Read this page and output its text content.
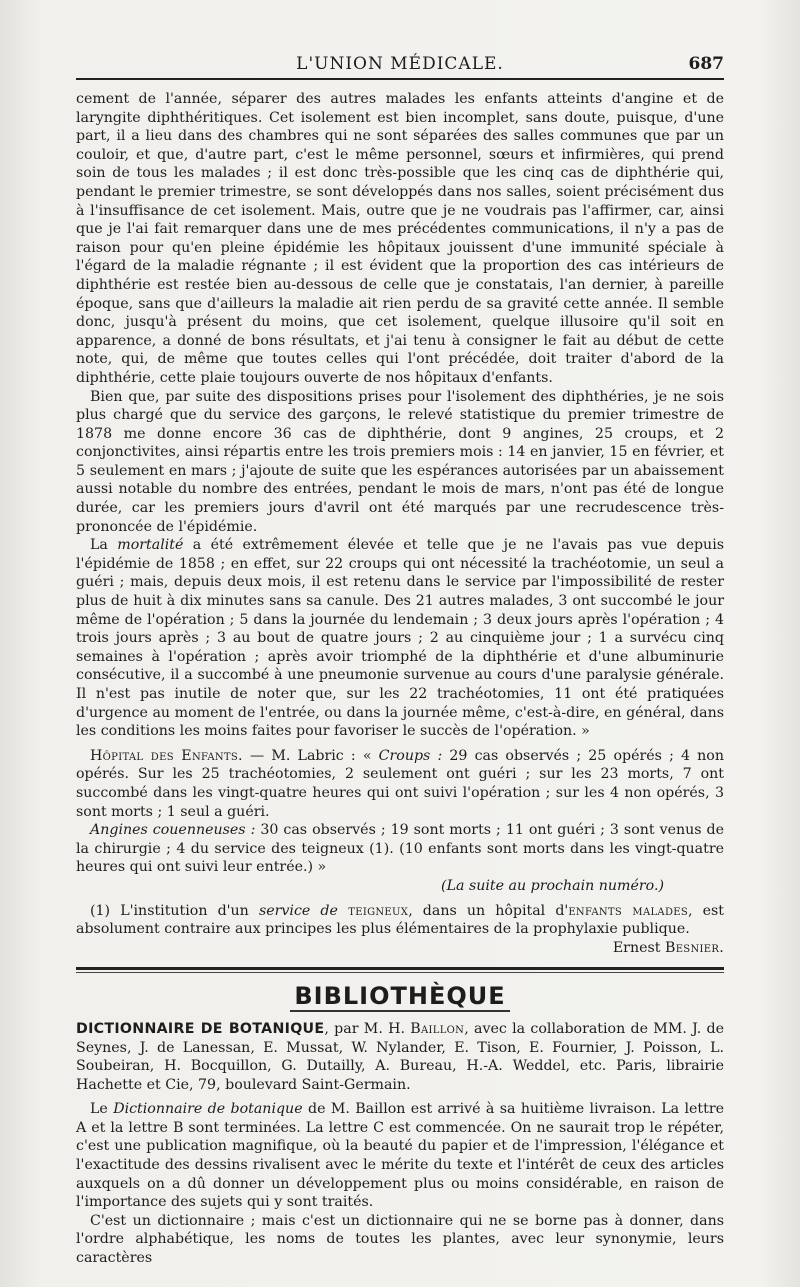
L'UNION MÉDICALE.	687

cement de l'année, séparer des autres malades les enfants atteints d'angine et de laryngite diphthéritiques. Cet isolement est bien incomplet, sans doute, puisque, d'une part, il a lieu dans des chambres qui ne sont séparées des salles communes que par un couloir, et que, d'autre part, c'est le même personnel, sœurs et infirmières, qui prend soin de tous les malades ; il est donc très-possible que les cinq cas de diphthérie qui, pendant le premier trimestre, se sont développés dans nos salles, soient précisément dus à l'insuffisance de cet isolement. Mais, outre que je ne voudrais pas l'affirmer, car, ainsi que je l'ai fait remarquer dans une de mes précédentes communications, il n'y a pas de raison pour qu'en pleine épidémie les hôpitaux jouissent d'une immunité spéciale à l'égard de la maladie régnante ; il est évident que la proportion des cas intérieurs de diphthérie est restée bien au-dessous de celle que je constatais, l'an dernier, à pareille époque, sans que d'ailleurs la maladie ait rien perdu de sa gravité cette année. Il semble donc, jusqu'à présent du moins, que cet isolement, quelque illusoire qu'il soit en apparence, a donné de bons résultats, et j'ai tenu à consigner le fait au début de cette note, qui, de même que toutes celles qui l'ont précédée, doit traiter d'abord de la diphthérie, cette plaie toujours ouverte de nos hôpitaux d'enfants.

Bien que, par suite des dispositions prises pour l'isolement des diphthéries, je ne sois plus chargé que du service des garçons, le relevé statistique du premier trimestre de 1878 me donne encore 36 cas de diphthérie, dont 9 angines, 25 croups, et 2 conjonctivites, ainsi répartis entre les trois premiers mois : 14 en janvier, 15 en février, et 5 seulement en mars ; j'ajoute de suite que les espérances autorisées par un abaissement aussi notable du nombre des entrées, pendant le mois de mars, n'ont pas été de longue durée, car les premiers jours d'avril ont été marqués par une recrudescence très-prononcée de l'épidémie.

La mortalité a été extrêmement élevée et telle que je ne l'avais pas vue depuis l'épidémie de 1858 ; en effet, sur 22 croups qui ont nécessité la trachéotomie, un seul a guéri ; mais, depuis deux mois, il est retenu dans le service par l'impossibilité de rester plus de huit à dix minutes sans sa canule. Des 21 autres malades, 3 ont succombé le jour même de l'opération ; 5 dans la journée du lendemain ; 3 deux jours après l'opération ; 4 trois jours après ; 3 au bout de quatre jours ; 2 au cinquième jour ; 1 a survécu cinq semaines à l'opération ; après avoir triomphé de la diphthérie et d'une albuminurie consécutive, il a succombé à une pneumonie survenue au cours d'une paralysie générale. Il n'est pas inutile de noter que, sur les 22 trachéotomies, 11 ont été pratiquées d'urgence au moment de l'entrée, ou dans la journée même, c'est-à-dire, en général, dans les conditions les moins faites pour favoriser le succès de l'opération. »

Hôpital des Enfants. — M. Labric : « Croups : 29 cas observés ; 25 opérés ; 4 non opérés. Sur les 25 trachéotomies, 2 seulement ont guéri ; sur les 23 morts, 7 ont succombé dans les vingt-quatre heures qui ont suivi l'opération ; sur les 4 non opérés, 3 sont morts ; 1 seul a guéri.

Angines couenneuses : 30 cas observés ; 19 sont morts ; 11 ont guéri ; 3 sont venus de la chirurgie ; 4 du service des teigneux (1). (10 enfants sont morts dans les vingt-quatre heures qui ont suivi leur entrée.) »

(La suite au prochain numéro.)

(1) L'institution d'un service de teigneux, dans un hôpital d'enfants malades, est absolument contraire aux principes les plus élémentaires de la prophylaxie publique.

Ernest Besnier.

BIBLIOTHÈQUE

DICTIONNAIRE DE BOTANIQUE, par M. H. Baillon, avec la collaboration de MM. J. de Seynes, J. de Lanessan, E. Mussat, W. Nylander, E. Tison, E. Fournier, J. Poisson, L. Soubeiran, H. Bocquillon, G. Dutailly, A. Bureau, H.-A. Weddel, etc. Paris, librairie Hachette et Cie, 79, boulevard Saint-Germain.

Le Dictionnaire de botanique de M. Baillon est arrivé à sa huitième livraison. La lettre A et la lettre B sont terminées. La lettre C est commencée. On ne saurait trop le répéter, c'est une publication magnifique, où la beauté du papier et de l'impression, l'élégance et l'exactitude des dessins rivalisent avec le mérite du texte et l'intérêt de ceux des articles auxquels on a dû donner un développement plus ou moins considérable, en raison de l'importance des sujets qui y sont traités.

C'est un dictionnaire ; mais c'est un dictionnaire qui ne se borne pas à donner, dans l'ordre alphabétique, les noms de toutes les plantes, avec leur synonymie, leurs caractères
